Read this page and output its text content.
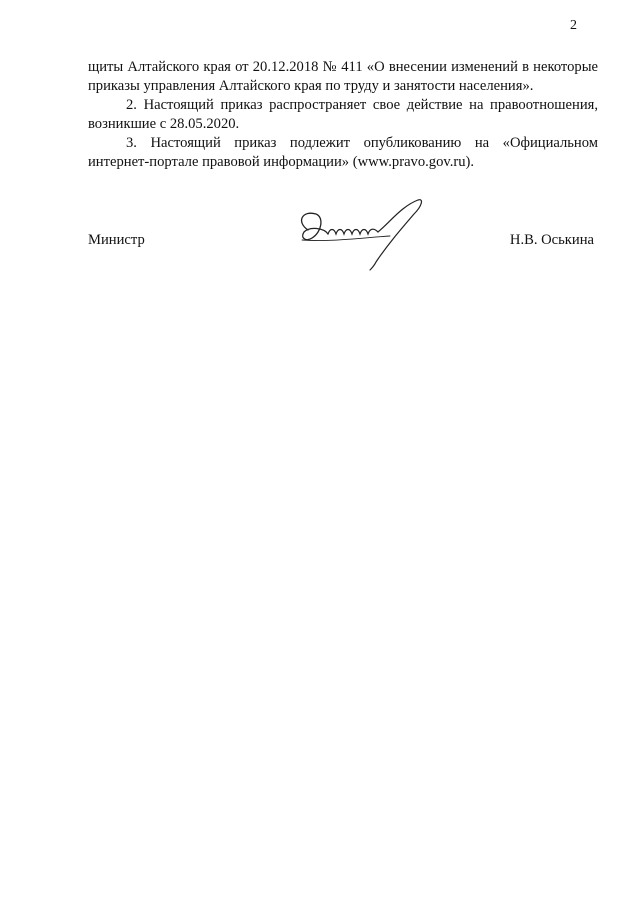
2

щиты Алтайского края от 20.12.2018 № 411 «О внесении изменений в некоторые приказы управления Алтайского края по труду и занятости населения».

2. Настоящий приказ распространяет свое действие на правоотношения, возникшие с 28.05.2020.

3. Настоящий приказ подлежит опубликованию на «Официальном интернет-портале правовой информации» (www.pravo.gov.ru).

Министр	Н.В. Оськина
